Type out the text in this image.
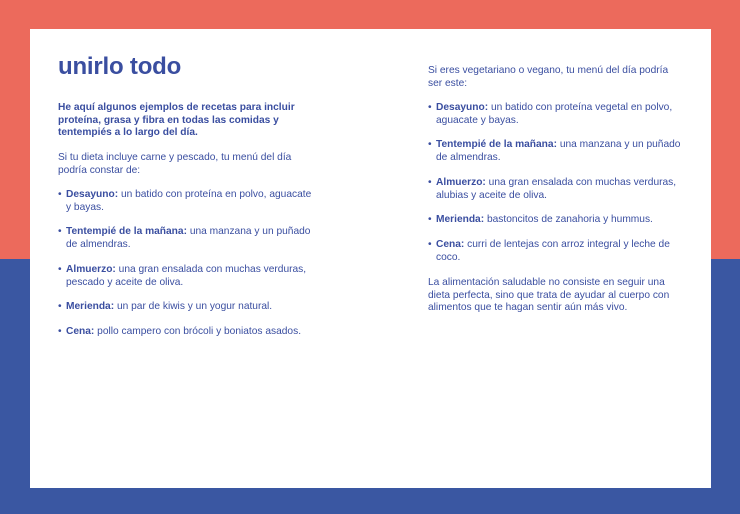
unirlo todo

He aquí algunos ejemplos de recetas para incluir proteína, grasa y fibra en todas las comidas y tentempiés a lo largo del día.

Si tu dieta incluye carne y pescado, tu menú del día podría constar de:

• Desayuno: un batido con proteína en polvo, aguacate y bayas.
• Tentempié de la mañana: una manzana y un puñado de almendras.
• Almuerzo: una gran ensalada con muchas verduras, pescado y aceite de oliva.
• Merienda: un par de kiwis y un yogur natural.
• Cena: pollo campero con brócoli y boniatos asados.

Si eres vegetariano o vegano, tu menú del día podría ser este:

• Desayuno: un batido con proteína vegetal en polvo, aguacate y bayas.
• Tentempié de la mañana: una manzana y un puñado de almendras.
• Almuerzo: una gran ensalada con muchas verduras, alubias y aceite de oliva.
• Merienda: bastoncitos de zanahoria y hummus.
• Cena: curri de lentejas con arroz integral y leche de coco.

La alimentación saludable no consiste en seguir una dieta perfecta, sino que trata de ayudar al cuerpo con alimentos que te hagan sentir aún más vivo.
